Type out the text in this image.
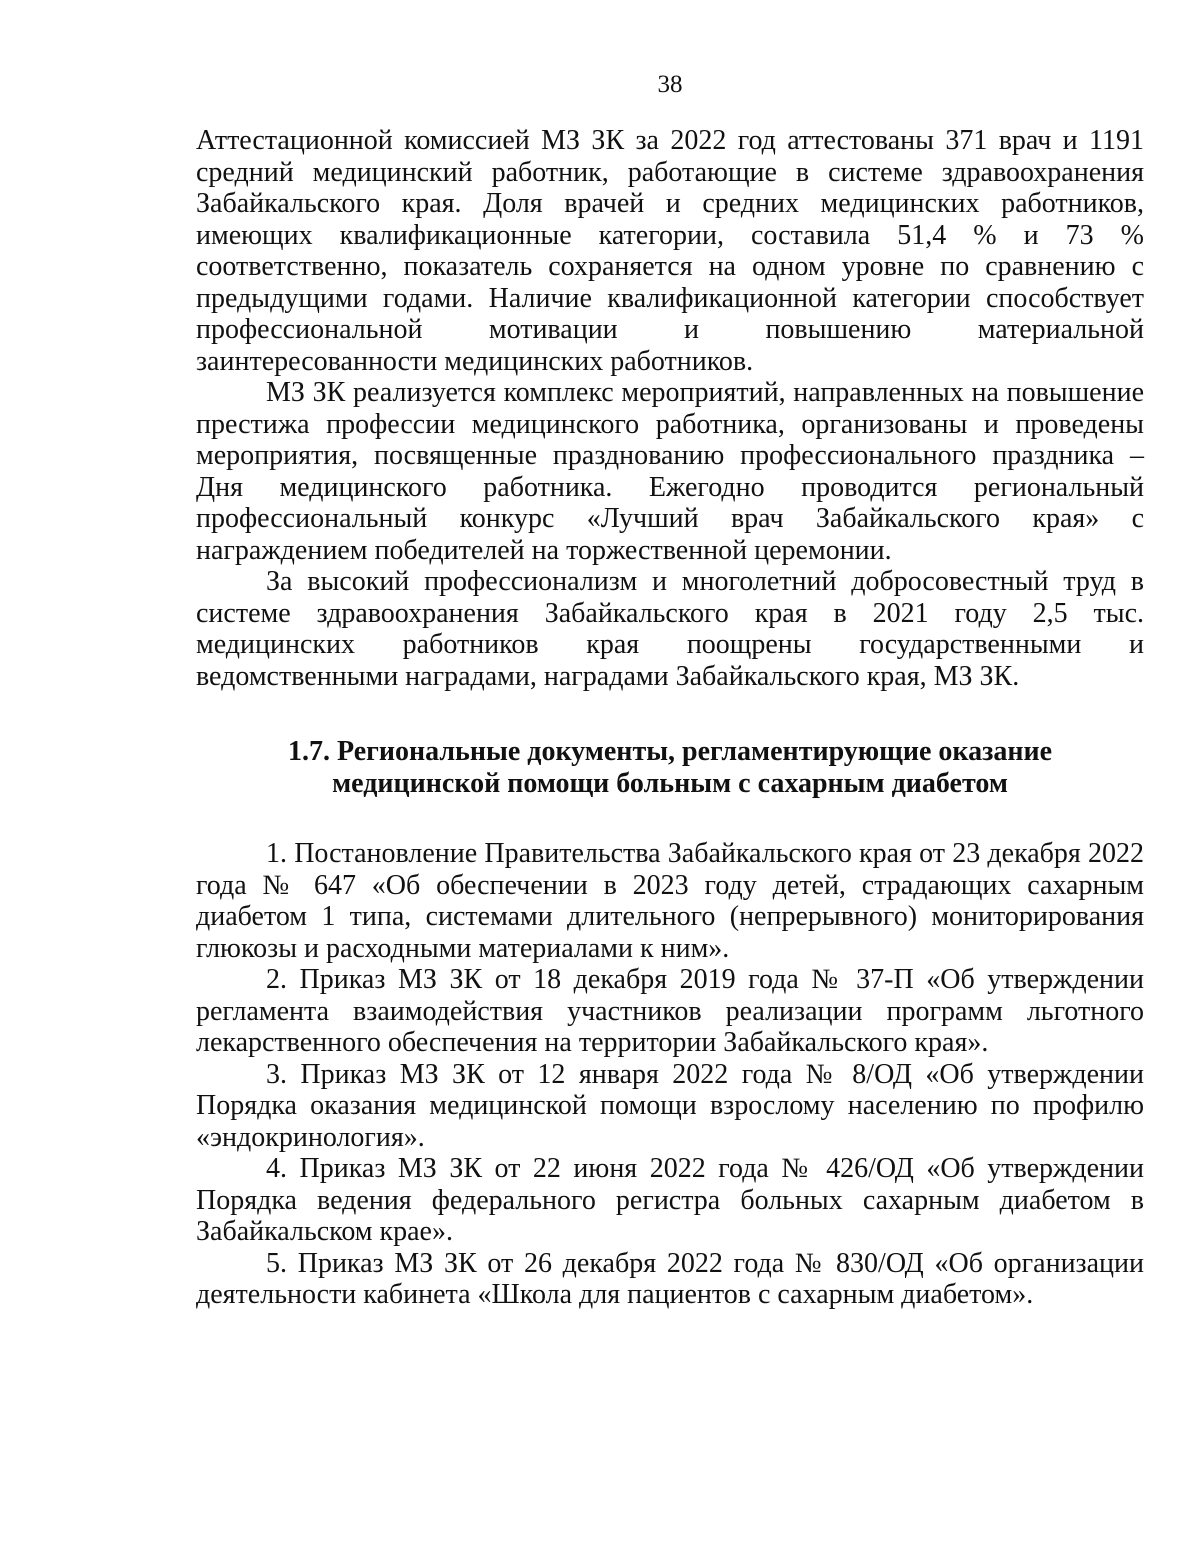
38

Аттестационной комиссией МЗ ЗК за 2022 год аттестованы 371 врач и 1191 средний медицинский работник, работающие в системе здравоохранения Забайкальского края. Доля врачей и средних медицинских работников, имеющих квалификационные категории, составила 51,4 % и 73 % соответственно, показатель сохраняется на одном уровне по сравнению с предыдущими годами. Наличие квалификационной категории способствует профессиональной мотивации и повышению материальной заинтересованности медицинских работников.

МЗ ЗК реализуется комплекс мероприятий, направленных на повышение престижа профессии медицинского работника, организованы и проведены мероприятия, посвященные празднованию профессионального праздника – Дня медицинского работника. Ежегодно проводится региональный профессиональный конкурс «Лучший врач Забайкальского края» с награждением победителей на торжественной церемонии.

За высокий профессионализм и многолетний добросовестный труд в системе здравоохранения Забайкальского края в 2021 году 2,5 тыс. медицинских работников края поощрены государственными и ведомственными наградами, наградами Забайкальского края, МЗ ЗК.

1.7. Региональные документы, регламентирующие оказание
медицинской помощи больным с сахарным диабетом

1. Постановление Правительства Забайкальского края от 23 декабря 2022 года № 647 «Об обеспечении в 2023 году детей, страдающих сахарным диабетом 1 типа, системами длительного (непрерывного) мониторирования глюкозы и расходными материалами к ним».

2. Приказ МЗ ЗК от 18 декабря 2019 года № 37-П «Об утверждении регламента взаимодействия участников реализации программ льготного лекарственного обеспечения на территории Забайкальского края».

3. Приказ МЗ ЗК от 12 января 2022 года № 8/ОД «Об утверждении Порядка оказания медицинской помощи взрослому населению по профилю «эндокринология».

4. Приказ МЗ ЗК от 22 июня 2022 года № 426/ОД «Об утверждении Порядка ведения федерального регистра больных сахарным диабетом в Забайкальском крае».

5. Приказ МЗ ЗК от 26 декабря 2022 года № 830/ОД «Об организации деятельности кабинета «Школа для пациентов с сахарным диабетом».
